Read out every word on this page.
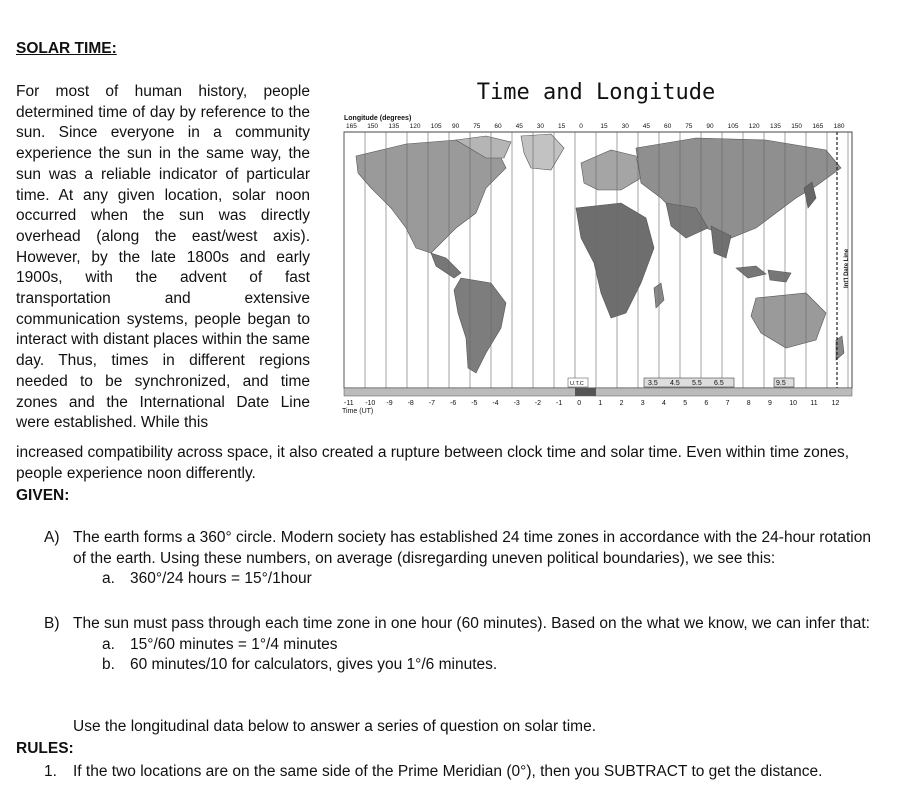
SOLAR TIME:
For most of human history, people determined time of day by reference to the sun. Since everyone in a community experience the sun in the same way, the sun was a reliable indicator of particular time. At any given location, solar noon occurred when the sun was directly overhead (along the east/west axis). However, by the late 1800s and early 1900s, with the advent of fast transportation and extensive communication systems, people began to interact with distant places within the same day. Thus, times in different regions needed to be synchronized, and time zones and the International Date Line were established. While this
Longitude (degrees)
165 150 135 120 105 90 75 60 45 30 15 0	15 30 45 60 75 90 105 120 135 150 165 180
-11 -10 -9 -8 -7 -6 -5 -4 -3 -2 -1 0 1 2 3 4 5 6 7 8 9 10 11 12
Time (UT)
U.T.C	3.5 4.5 5.5 6.5	9.5
Int'l Date Line
Time and Longitude
increased compatibility across space, it also created a rupture between clock time and solar time. Even within time zones, people experience noon differently.
GIVEN:
A) The earth forms a 360° circle. Modern society has established 24 time zones in accordance with the 24-hour rotation of the earth. Using these numbers, on average (disregarding uneven political boundaries), we see this:
a. 360°/24 hours = 15°/1hour
B) The sun must pass through each time zone in one hour (60 minutes). Based on the what we know, we can infer that:
a. 15°/60 minutes = 1°/4 minutes
b. 60 minutes/10 for calculators, gives you 1°/6 minutes.
Use the longitudinal data below to answer a series of question on solar time.
RULES:
1. If the two locations are on the same side of the Prime Meridian (0°), then you SUBTRACT to get the distance.
